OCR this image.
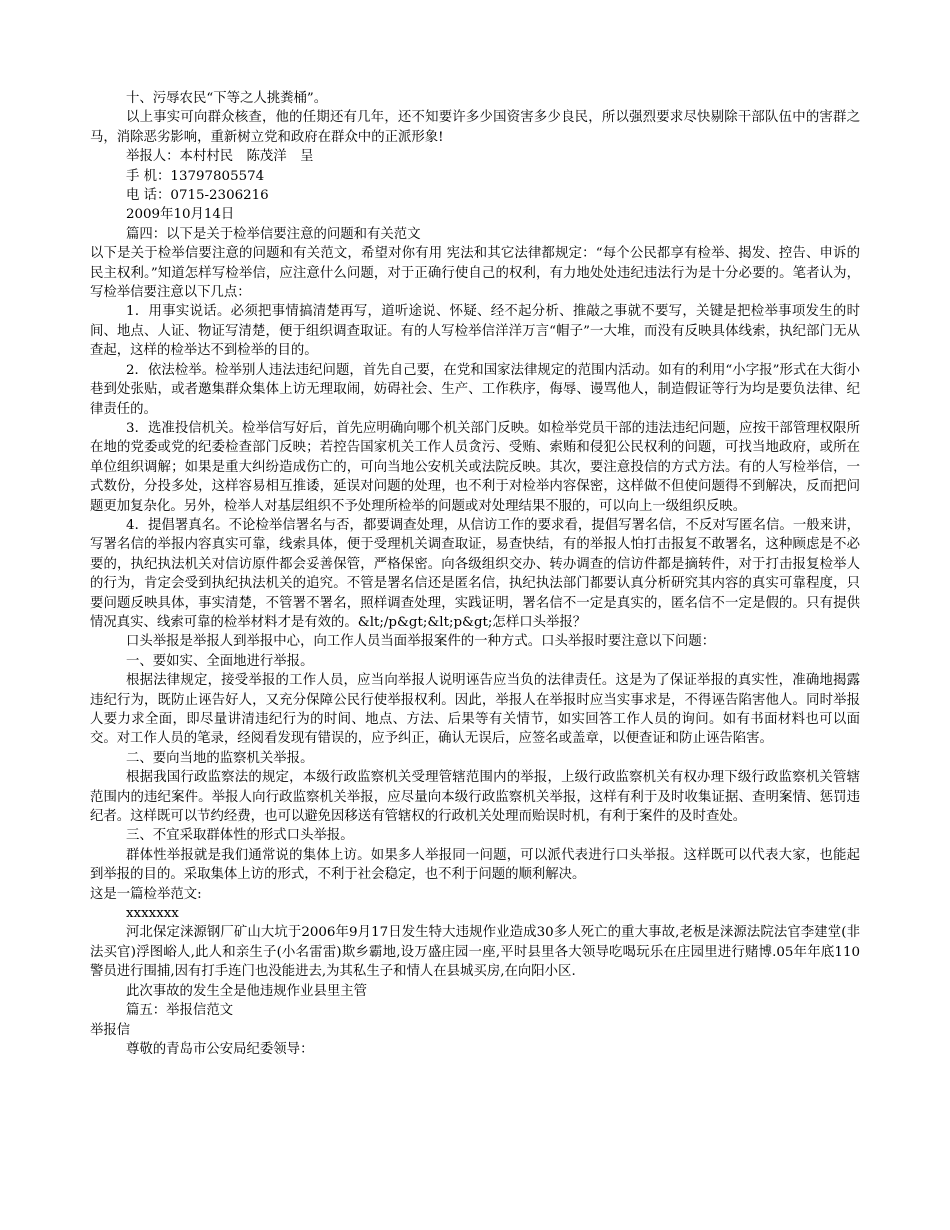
十、污辱农民“下等之人挑粪桶”。

以上事实可向群众核查，他的任期还有几年，还不知要许多少国资害多少良民，所以强烈要求尽快剔除干部队伍中的害群之马，消除恶劣影响，重新树立党和政府在群众中的正派形象!

举报人：本村村民　陈茂洋　呈

手 机：13797805574

电 话：0715-2306216

2009年10月14日

篇四：以下是关于检举信要注意的问题和有关范文

以下是关于检举信要注意的问题和有关范文，希望对你有用 宪法和其它法律都规定：“每个公民都享有检举、揭发、控告、申诉的民主权利。”知道怎样写检举信，应注意什么问题，对于正确行使自己的权利，有力地处处违纪违法行为是十分必要的。笔者认为，写检举信要注意以下几点：

1．用事实说话。必须把事情搞清楚再写，道听途说、怀疑、经不起分析、推敲之事就不要写，关键是把检举事项发生的时间、地点、人证、物证写清楚，便于组织调查取证。有的人写检举信洋洋万言“帽子”一大堆，而没有反映具体线索，执纪部门无从查起，这样的检举达不到检举的目的。

2．依法检举。检举别人违法违纪问题，首先自己要，在党和国家法律规定的范围内活动。如有的利用“小字报”形式在大街小巷到处张贴，或者邀集群众集体上访无理取闹，妨碍社会、生产、工作秩序，侮辱、谩骂他人，制造假证等行为均是要负法律、纪律责任的。

3．选准投信机关。检举信写好后，首先应明确向哪个机关部门反映。如检举党员干部的违法违纪问题，应按干部管理权限所在地的党委或党的纪委检查部门反映；若控告国家机关工作人员贪污、受贿、索贿和侵犯公民权利的问题，可找当地政府，或所在单位组织调解；如果是重大纠纷造成伤亡的，可向当地公安机关或法院反映。其次，要注意投信的方式方法。有的人写检举信，一式数份，分投多处，这样容易相互推诿，延误对问题的处理，也不利于对检举内容保密，这样做不但使问题得不到解决，反而把问题更加复杂化。另外，检举人对基层组织不予处理所检举的问题或对处理结果不服的，可以向上一级组织反映。

4．提倡署真名。不论检举信署名与否，都要调查处理，从信访工作的要求看，提倡写署名信，不反对写匿名信。一般来讲，写署名信的举报内容真实可靠，线索具体，便于受理机关调查取证，易查快结，有的举报人怕打击报复不敢署名，这种顾虑是不必要的，执纪执法机关对信访原件都会妥善保管，严格保密。向各级组织交办、转办调查的信访件都是摘转件，对于打击报复检举人的行为，肯定会受到执纪执法机关的追究。不管是署名信还是匿名信，执纪执法部门都要认真分析研究其内容的真实可靠程度，只要问题反映具体，事实清楚，不管署不署名，照样调查处理，实践证明，署名信不一定是真实的，匿名信不一定是假的。只有提供情况真实、线索可靠的检举材料才是有效的。&lt;/p&gt;&lt;p&gt;怎样口头举报？

口头举报是举报人到举报中心，向工作人员当面举报案件的一种方式。口头举报时要注意以下问题：

一、要如实、全面地进行举报。

根据法律规定，接受举报的工作人员，应当向举报人说明诬告应当负的法律责任。这是为了保证举报的真实性，准确地揭露违纪行为，既防止诬告好人，又充分保障公民行使举报权利。因此，举报人在举报时应当实事求是，不得诬告陷害他人。同时举报人要力求全面，即尽量讲清违纪行为的时间、地点、方法、后果等有关情节，如实回答工作人员的询问。如有书面材料也可以面交。对工作人员的笔录，经阅看发现有错误的，应予纠正，确认无误后，应签名或盖章，以便查证和防止诬告陷害。

二、要向当地的监察机关举报。

根据我国行政监察法的规定，本级行政监察机关受理管辖范围内的举报，上级行政监察机关有权办理下级行政监察机关管辖范围内的违纪案件。举报人向行政监察机关举报，应尽量向本级行政监察机关举报，这样有利于及时收集证据、查明案情、惩罚违纪者。这样既可以节约经费，也可以避免因移送有管辖权的行政机关处理而贻误时机，有利于案件的及时查处。

三、不宜采取群体性的形式口头举报。

群体性举报就是我们通常说的集体上访。如果多人举报同一问题，可以派代表进行口头举报。这样既可以代表大家，也能起到举报的目的。采取集体上访的形式，不利于社会稳定，也不利于问题的顺利解决。

这是一篇检举范文:

xxxxxxx

河北保定涞源钢厂矿山大坑于2006年9月17日发生特大违规作业造成30多人死亡的重大事故,老板是涞源法院法官李建堂(非法买官)浮图峪人,此人和亲生子(小名雷雷)欺乡霸地,设万盛庄园一座,平时县里各大领导吃喝玩乐在庄园里进行赌博.05年年底110警员进行围捕,因有打手连门也没能进去,为其私生子和情人在县城买房,在向阳小区.

此次事故的发生全是他违规作业县里主管

篇五：举报信范文

举报信

尊敬的青岛市公安局纪委领导：
